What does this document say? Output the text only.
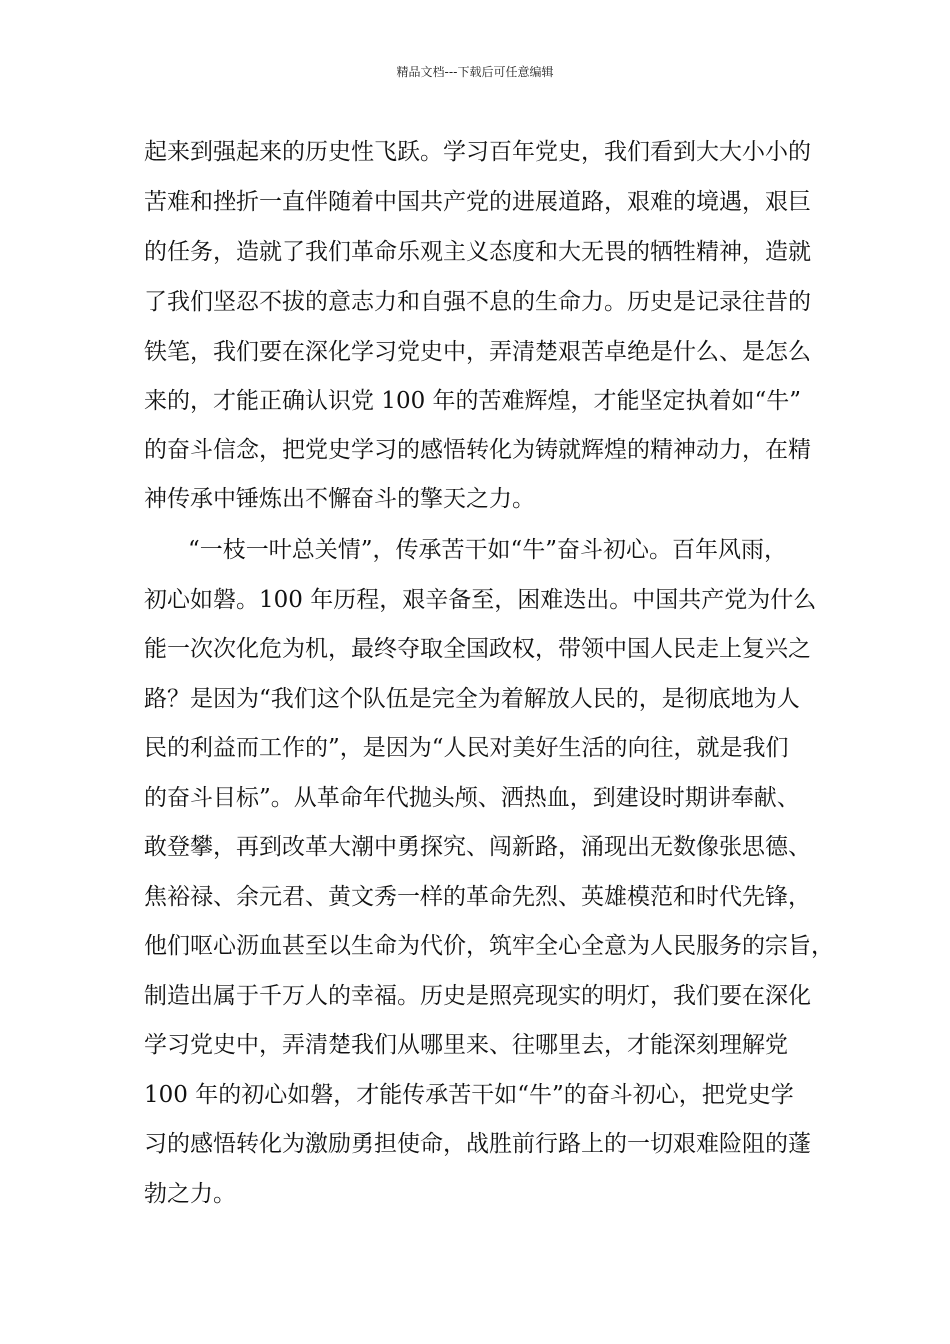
精品文档---下载后可任意编辑
起来到强起来的历史性飞跃。学习百年党史，我们看到大大小小的
苦难和挫折一直伴随着中国共产党的进展道路，艰难的境遇，艰巨
的任务，造就了我们革命乐观主义态度和大无畏的牺牲精神，造就
了我们坚忍不拔的意志力和自强不息的生命力。历史是记录往昔的
铁笔，我们要在深化学习党史中，弄清楚艰苦卓绝是什么、是怎么
来的，才能正确认识党 100 年的苦难辉煌，才能坚定执着如“牛”
的奋斗信念，把党史学习的感悟转化为铸就辉煌的精神动力，在精
神传承中锤炼出不懈奋斗的擎天之力。
“一枝一叶总关情”，传承苦干如“牛”奋斗初心。百年风雨，
初心如磐。100 年历程，艰辛备至，困难迭出。中国共产党为什么
能一次次化危为机，最终夺取全国政权，带领中国人民走上复兴之
路？是因为“我们这个队伍是完全为着解放人民的，是彻底地为人
民的利益而工作的”，是因为“人民对美好生活的向往，就是我们
的奋斗目标”。从革命年代抛头颅、洒热血，到建设时期讲奉献、
敢登攀，再到改革大潮中勇探究、闯新路，涌现出无数像张思德、
焦裕禄、余元君、黄文秀一样的革命先烈、英雄模范和时代先锋，
他们呕心沥血甚至以生命为代价，筑牢全心全意为人民服务的宗旨，
制造出属于千万人的幸福。历史是照亮现实的明灯，我们要在深化
学习党史中，弄清楚我们从哪里来、往哪里去，才能深刻理解党
100 年的初心如磐，才能传承苦干如“牛”的奋斗初心，把党史学
习的感悟转化为激励勇担使命，战胜前行路上的一切艰难险阻的蓬
勃之力。
